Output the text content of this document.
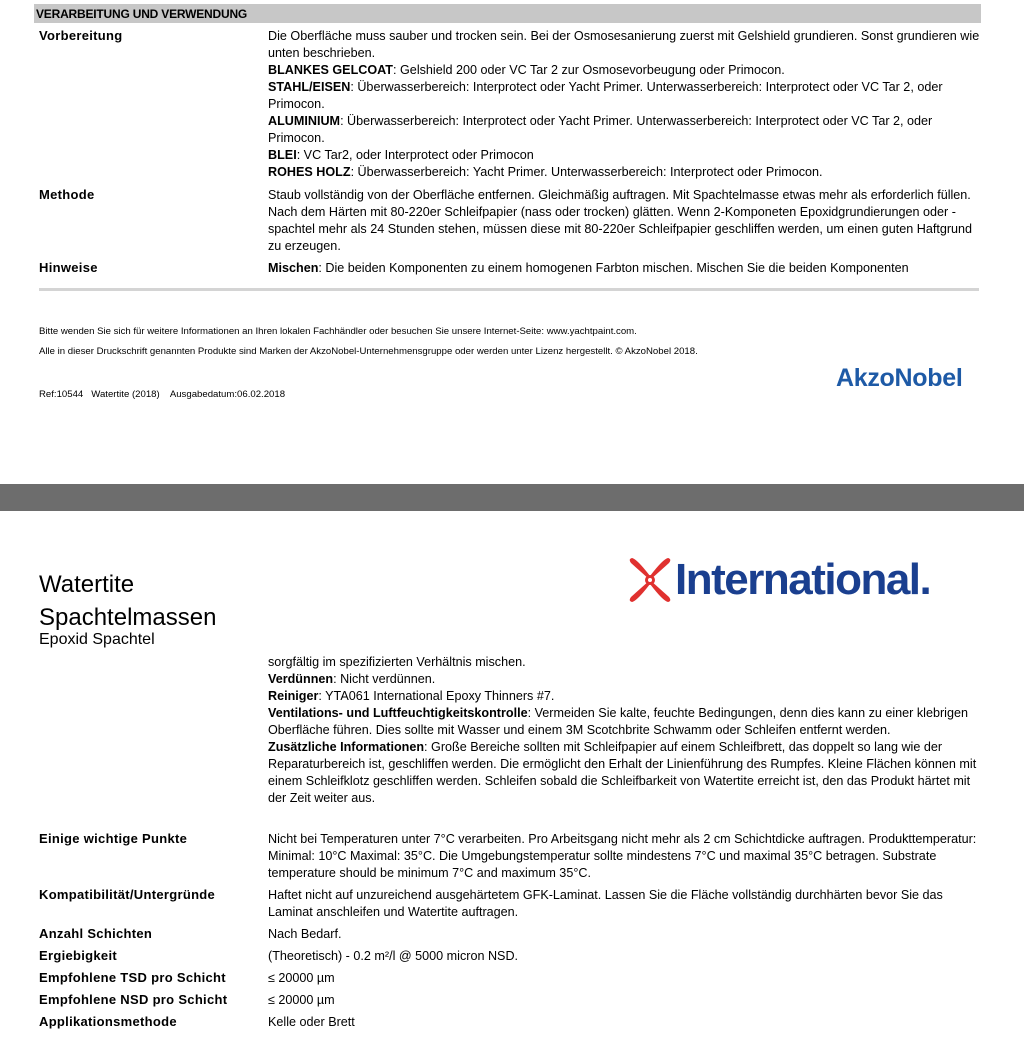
VERARBEITUNG UND VERWENDUNG
Vorbereitung	Die Oberfläche muss sauber und trocken sein. Bei der Osmosesanierung zuerst mit Gelshield grundieren. Sonst grundieren wie unten beschrieben.

BLANKES GELCOAT: Gelshield 200 oder VC Tar 2 zur Osmosevorbeugung oder Primocon.

STAHL/EISEN: Überwasserbereich: Interprotect oder Yacht Primer. Unterwasserbereich: Interprotect oder VC Tar 2, oder Primocon.

ALUMINIUM: Überwasserbereich: Interprotect oder Yacht Primer. Unterwasserbereich: Interprotect oder VC Tar 2, oder Primocon.

BLEI: VC Tar2, oder Interprotect oder Primocon

ROHES HOLZ: Überwasserbereich: Yacht Primer. Unterwasserbereich: Interprotect oder Primocon.

Methode	Staub vollständig von der Oberfläche entfernen. Gleichmäßig auftragen. Mit Spachtelmasse etwas mehr als erforderlich füllen. Nach dem Härten mit 80-220er Schleifpapier (nass oder trocken) glätten. Wenn 2-Komponeten Epoxidgrundierungen oder -spachtel mehr als 24 Stunden stehen, müssen diese mit 80-220er Schleifpapier geschliffen werden, um einen guten Haftgrund zu erzeugen.

Hinweise	Mischen: Die beiden Komponenten zu einem homogenen Farbton mischen. Mischen Sie die beiden Komponenten

Bitte wenden Sie sich für weitere Informationen an Ihren lokalen Fachhändler oder besuchen Sie unsere Internet-Seite: www.yachtpaint.com.
Alle in dieser Druckschrift genannten Produkte sind Marken der AkzoNobel-Unternehmensgruppe oder werden unter Lizenz hergestellt. © AkzoNobel 2018.
Ref:10544   Watertite (2018)    Ausgabedatum:06.02.2018
AkzoNobel
International.
Watertite
Spachtelmassen
Epoxid Spachtel

sorgfältig im spezifizierten Verhältnis mischen.

Verdünnen: Nicht verdünnen.

Reiniger: YTA061 International Epoxy Thinners #7.

Ventilations- und Luftfeuchtigkeitskontrolle: Vermeiden Sie kalte, feuchte Bedingungen, denn dies kann zu einer klebrigen Oberfläche führen. Dies sollte mit Wasser und einem 3M Scotchbrite Schwamm oder Schleifen entfernt werden.

Zusätzliche Informationen: Große Bereiche sollten mit Schleifpapier auf einem Schleifbrett, das doppelt so lang wie der Reparaturbereich ist, geschliffen werden. Die ermöglicht den Erhalt der Linienführung des Rumpfes. Kleine Flächen können mit einem Schleifklotz geschliffen werden. Schleifen sobald die Schleifbarkeit von Watertite erreicht ist, den das Produkt härtet mit der Zeit weiter aus.

Einige wichtige Punkte	Nicht bei Temperaturen unter 7°C verarbeiten. Pro Arbeitsgang nicht mehr als 2 cm Schichtdicke auftragen. Produkttemperatur: Minimal: 10°C Maximal: 35°C. Die Umgebungstemperatur sollte mindestens 7°C und maximal 35°C betragen. Substrate temperature should be minimum 7°C and maximum 35°C.

Kompatibilität/Untergründe	Haftet nicht auf unzureichend ausgehärtetem GFK-Laminat. Lassen Sie die Fläche vollständig durchhärten bevor Sie das Laminat anschleifen und Watertite auftragen.

Anzahl Schichten	Nach Bedarf.

Ergiebigkeit	(Theoretisch) - 0.2 m²/l @ 5000 micron NSD.

Empfohlene TSD pro Schicht	≤ 20000 µm

Empfohlene NSD pro Schicht	≤ 20000 µm

Applikationsmethode	Kelle oder Brett
